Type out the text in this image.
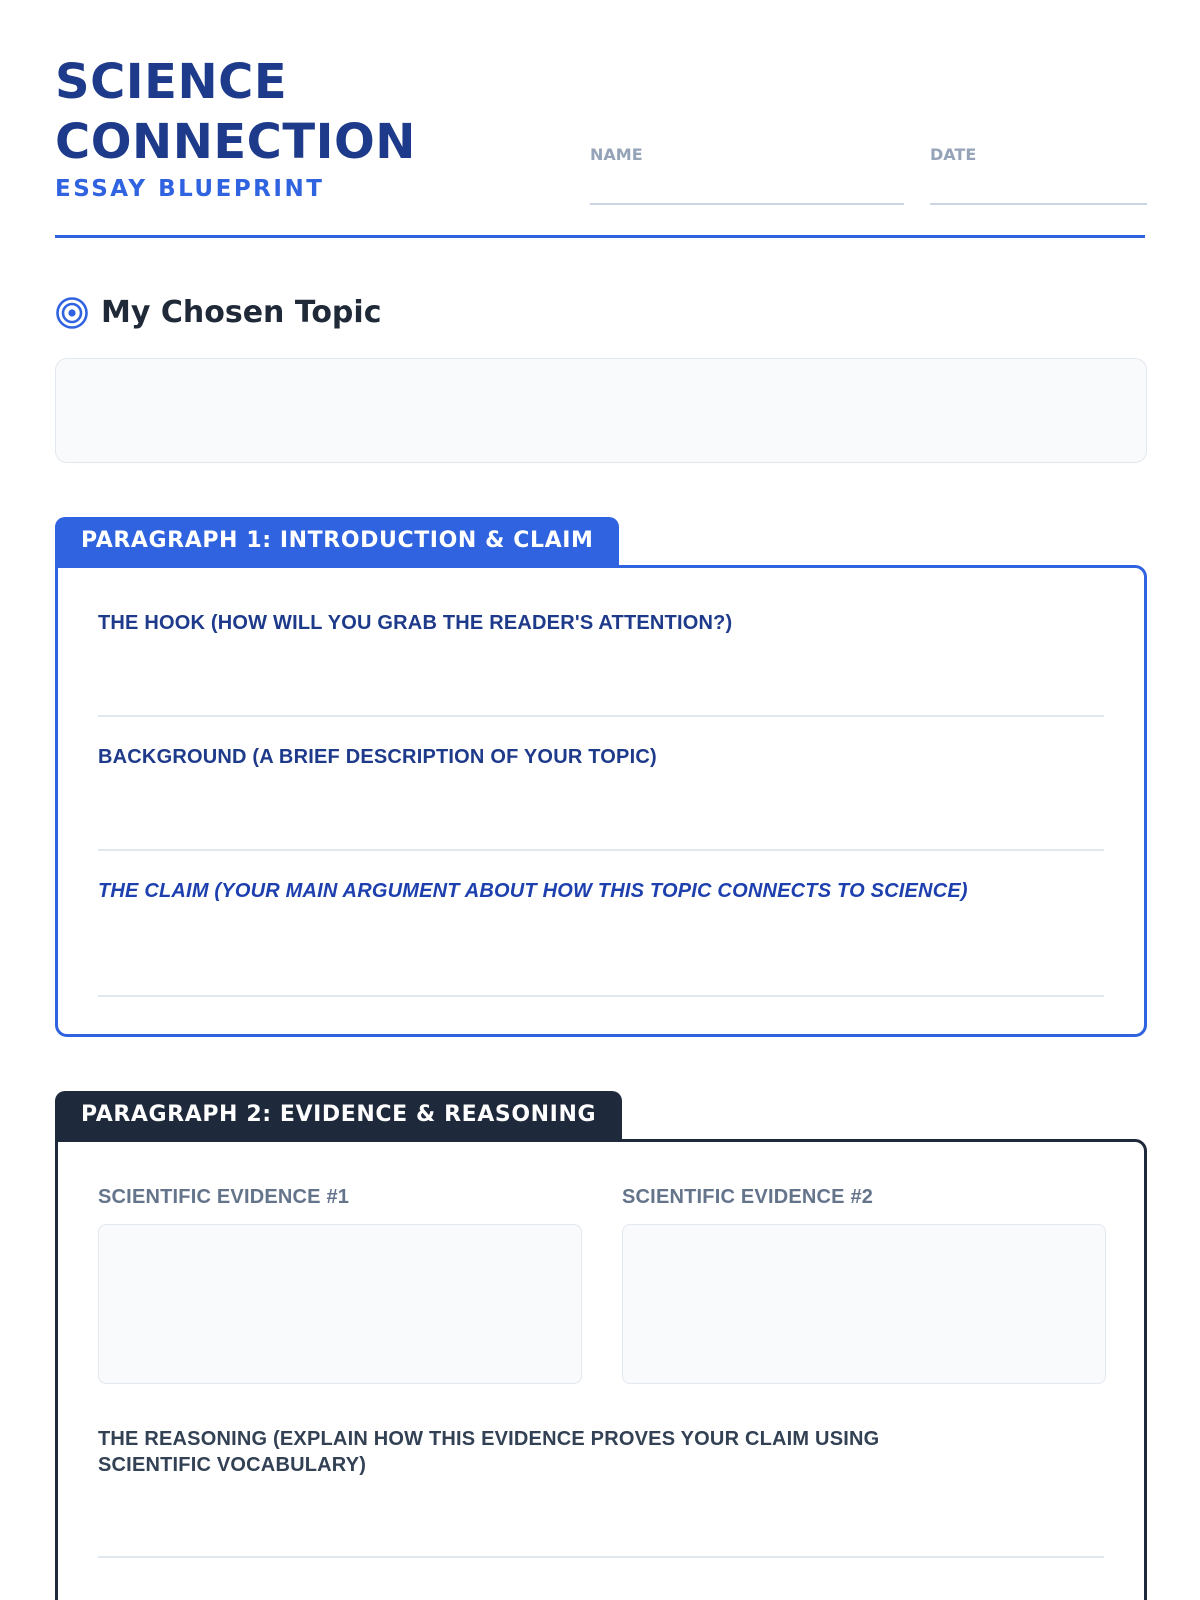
SCIENCE
CONNECTION
ESSAY BLUEPRINT
NAME	DATE
My Chosen Topic
PARAGRAPH 1: INTRODUCTION & CLAIM
THE HOOK (HOW WILL YOU GRAB THE READER'S ATTENTION?)
BACKGROUND (A BRIEF DESCRIPTION OF YOUR TOPIC)
THE CLAIM (YOUR MAIN ARGUMENT ABOUT HOW THIS TOPIC CONNECTS TO SCIENCE)
PARAGRAPH 2: EVIDENCE & REASONING
SCIENTIFIC EVIDENCE #1	SCIENTIFIC EVIDENCE #2
THE REASONING (EXPLAIN HOW THIS EVIDENCE PROVES YOUR CLAIM USING SCIENTIFIC VOCABULARY)
